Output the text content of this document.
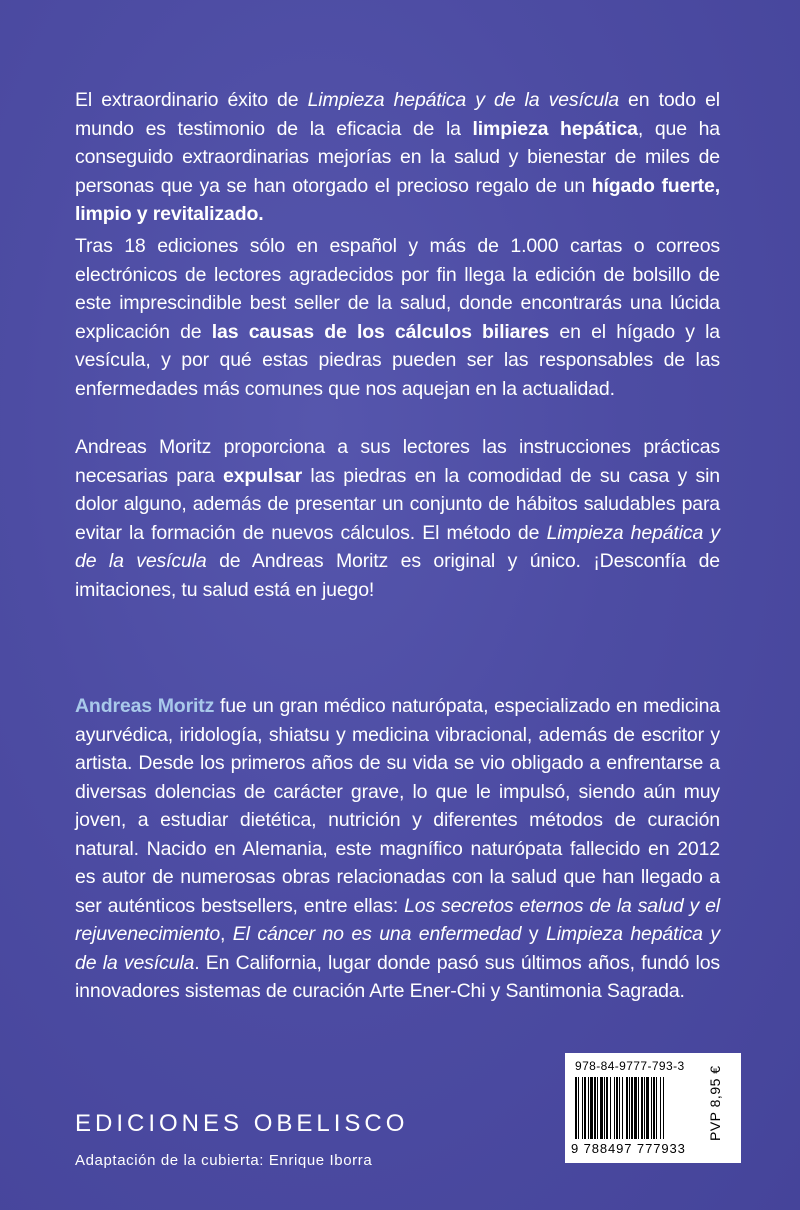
El extraordinario éxito de Limpieza hepática y de la vesícula en todo el mundo es testimonio de la eficacia de la limpieza hepática, que ha conseguido extraordinarias mejorías en la salud y bienestar de miles de personas que ya se han otorgado el precioso regalo de un hígado fuerte, limpio y revitalizado.
Tras 18 ediciones sólo en español y más de 1.000 cartas o correos electrónicos de lectores agradecidos por fin llega la edición de bolsillo de este imprescindible best seller de la salud, donde encontrarás una lúcida explicación de las causas de los cálculos biliares en el hígado y la vesícula, y por qué estas piedras pueden ser las responsables de las enfermedades más comunes que nos aquejan en la actualidad.
Andreas Moritz proporciona a sus lectores las instrucciones prácticas necesarias para expulsar las piedras en la comodidad de su casa y sin dolor alguno, además de presentar un conjunto de hábitos saludables para evitar la formación de nuevos cálculos. El método de Limpieza hepática y de la vesícula de Andreas Moritz es original y único. ¡Desconfía de imitaciones, tu salud está en juego!
Andreas Moritz fue un gran médico naturópata, especializado en medicina ayurvédica, iridología, shiatsu y medicina vibracional, además de escritor y artista. Desde los primeros años de su vida se vio obligado a enfrentarse a diversas dolencias de carácter grave, lo que le impulsó, siendo aún muy joven, a estudiar dietética, nutrición y diferentes métodos de curación natural. Nacido en Alemania, este magnífico naturópata fallecido en 2012 es autor de numerosas obras relacionadas con la salud que han llegado a ser auténticos bestsellers, entre ellas: Los secretos eternos de la salud y el rejuvenecimiento, El cáncer no es una enfermedad y Limpieza hepática y de la vesícula. En California, lugar donde pasó sus últimos años, fundó los innovadores sistemas de curación Arte Ener-Chi y Santimonia Sagrada.
EDICIONES OBELISCO
Adaptación de la cubierta: Enrique Iborra
978-84-9777-793-3
9 788497 777933
PVP 8,95 €
